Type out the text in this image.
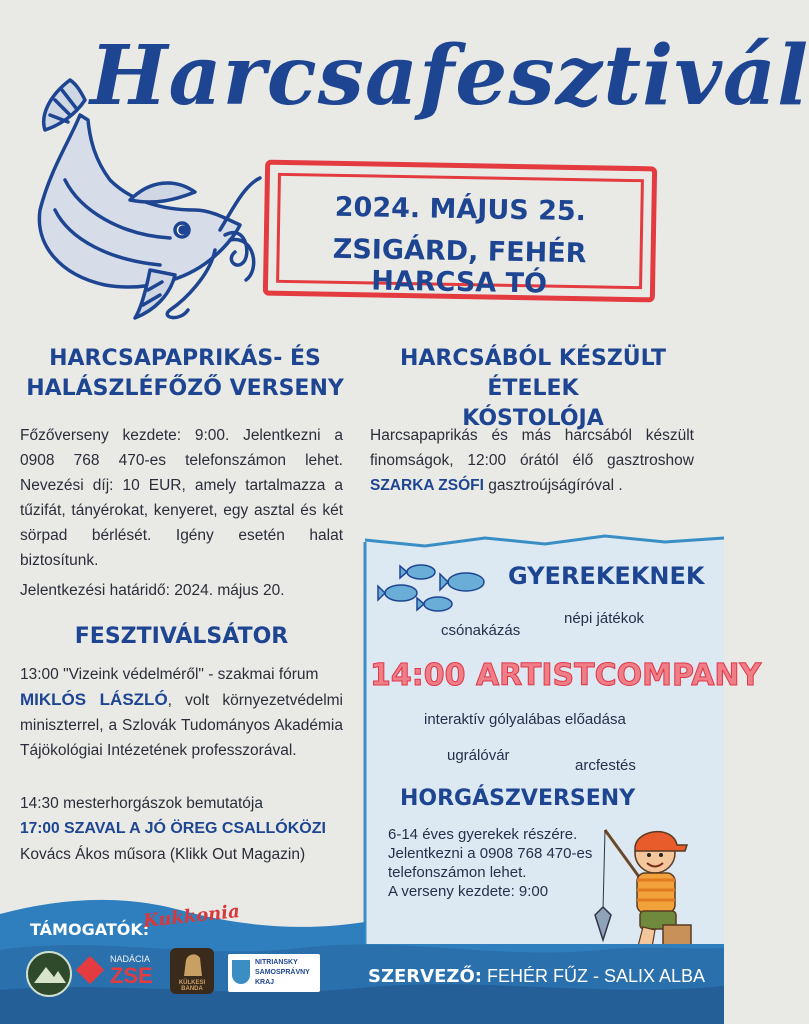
Harcsafesztivál
2024. MÁJUS 25.
ZSIGÁRD, FEHÉR HARCSA TÓ
HARCSAPAPRIKÁS- ÉS
HALÁSZLÉFŐZŐ VERSENY
Főzőverseny kezdete: 9:00. Jelentkezni a 0908 768 470-es telefonszámon lehet. Nevezési díj: 10 EUR, amely tartalmazza a tűzifát, tányérokat, kenyeret, egy asztal és két sörpad bérlését. Igény esetén halat biztosítunk.
Jelentkezési határidő: 2024. május 20.
HARCSÁBÓL KÉSZÜLT ÉTELEK
KÓSTOLÓJA
Harcsapaprikás és más harcsából készült finomságok, 12:00 órától élő gasztroshow SZARKA ZSÓFI gasztroújságíróval .
FESZTIVÁLSÁTOR
13:00 "Vizeink védelméről" - szakmai fórum
MIKLÓS LÁSZLÓ, volt környezetvédelmi miniszterrel, a Szlovák Tudományos Akadémia Tájökológiai Intézetének professzorával.
14:30 mesterhorgászok bemutatója
17:00 SZAVAL A JÓ ÖREG CSALLÓKÖZI
Kovács Ákos műsora (Klikk Out Magazin)
GYEREKEKNEK
csónakázás
népi játékok
14:00 ARTISTCOMPANY
interaktív gólyalábas előadása
ugrálóvár
arcfestés
HORGÁSZVERSENY
6-14 éves gyerekek részére.
Jelentkezni a 0908 768 470-es
telefonszámon lehet.
A verseny kezdete: 9:00
TÁMOGATÓK:
Kukkonia
NADÁCIA
ZSE	KÜLKESI BANDA
NITRIANSKY
SAMOSPRÁVNY
KRAJ	SZERVEZŐ: FEHÉR FŰZ - SALIX ALBA
